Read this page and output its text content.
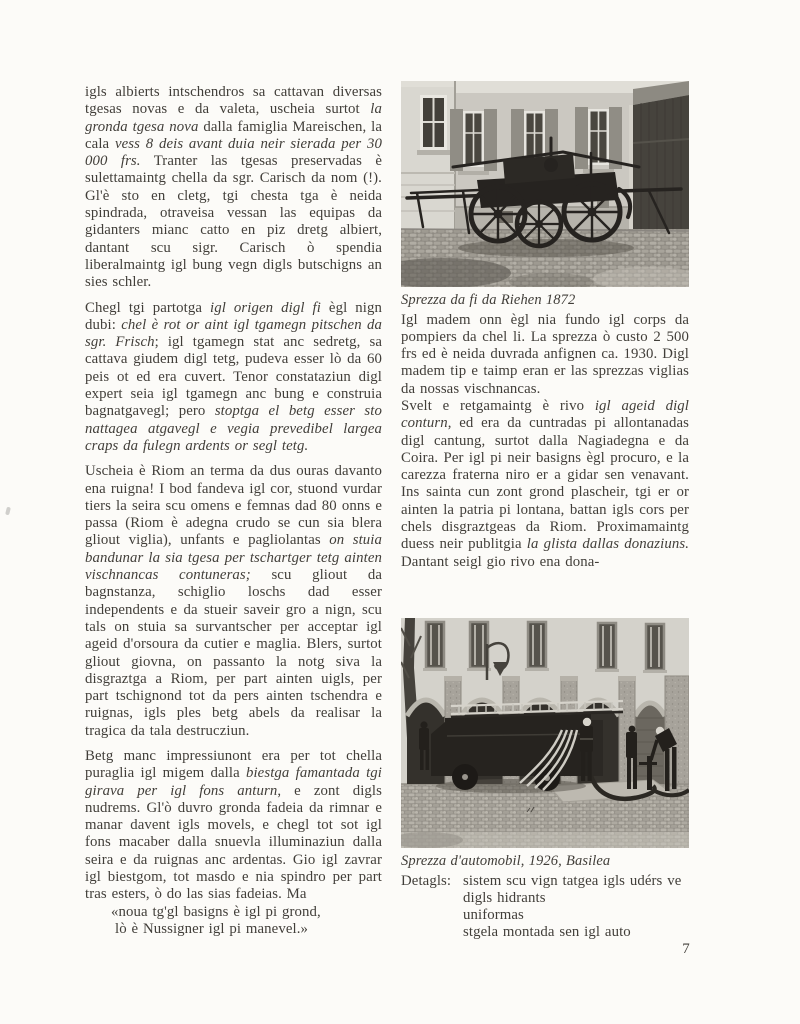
igls albierts intschendros sa cattavan diversas tgesas novas e da valeta, uscheia surtot la gronda tgesa nova dalla famiglia Mareischen, la cala vess 8 deis avant duia neir sierada per 30 000 frs. Tranter las tgesas preservadas è sulettamaintg chella da sgr. Carisch da nom (!). Gl'è sto en cletg, tgi chesta tga è neida spindrada, otraveisa vessan las equipas da gidanters mianc catto en piz dretg albiert, dantant scu sigr. Carisch ò spendia liberalmaintg igl bung vegn digls butschigns an sies schler.

Chegl tgi partotga igl origen digl fi ègl nign dubi: chel è rot or aint igl tgamegn pitschen da sgr. Frisch; igl tgamegn stat anc sedretg, sa cattava giudem digl tetg, pudeva esser lò da 60 peis ot ed era cuvert. Tenor constataziun digl expert seia igl tgamegn anc bung e construia bagnatgavegl; pero stoptga el betg esser sto nattagea atgavegl e vegia prevedibel largea craps da fulegn ardents or segl tetg.

Uscheia è Riom an terma da dus ouras davanto ena ruigna! I bod fandeva igl cor, stuond vurdar tiers la seira scu omens e femnas dad 80 onns e passa (Riom è adegna crudo se cun sia blera gliout viglia), unfants e pagliolantas on stuia bandunar la sia tgesa per tschartger tetg ainten vischnancas contuneras; scu gliout da bagnstanza, schiglio loschs dad esser independents e da stueir saveir gro a nign, scu tals on stuia sa survantscher per acceptar igl ageid d'orsoura da cutier e maglia. Blers, surtot gliout giovna, on passanto la notg siva la disgraztga a Riom, per part ainten uigls, per part tschignond tot da pers ainten tschendra e ruignas, igls ples betg abels da realisar la tragica da tala destrucziun.

Betg manc impressiunont era per tot chella puraglia igl migem dalla biestga famantada tgi girava per igl fons anturn, e zont digls nudrems. Gl'ò duvro gronda fadeia da rimnar e manar davent igls movels, e chegl tot sot igl fons macaber dalla snuevla illuminaziun dalla seira e da ruignas anc ardentas. Gio igl zavrar igl biestgom, tot masdo e nia spindro per part tras esters, ò do las sias fadeias. Ma

«noua tg'gl basigns è igl pi grond,
lò è Nussigner igl pi manevel.»
Sprezza da fi da Riehen 1872
Igl madem onn ègl nia fundo igl corps da pompiers da chel li. La sprezza ò custo 2 500 frs ed è neida duvrada anfignen ca. 1930. Digl madem tip e taimp eran er las sprezzas viglias da nossas vischnancas.

Svelt e retgamaintg è rivo igl ageid digl conturn, ed era da cuntradas pi allontanadas digl cantung, surtot dalla Nagiadegna e da Coira. Per igl pi neir basigns ègl procuro, e la carezza fraterna niro er a gidar sen venavant. Ins sainta cun zont grond plascheir, tgi er or ainten la patria pi lontana, battan igls cors per chels disgraztgeas da Riom. Proximamaintg duess neir publitgia la glista dallas donaziuns. Dantant seigl gio rivo ena dona-

Sprezza d'automobil, 1926, Basilea
Detagls: sistem scu vign tatgea igls udérs ve digls hidrants
uniformas
stgela montada sen igl auto
7
